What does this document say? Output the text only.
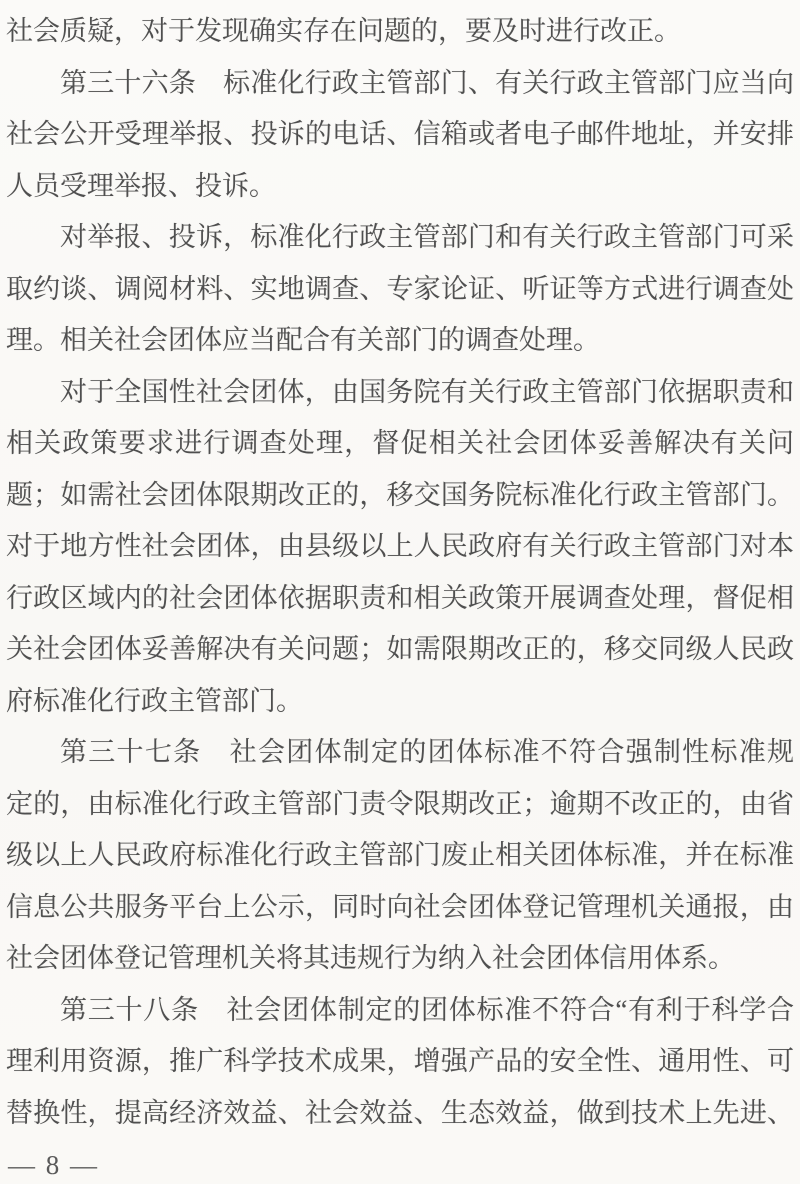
社会质疑，对于发现确实存在问题的，要及时进行改正。
第三十六条　标准化行政主管部门、有关行政主管部门应当向
社会公开受理举报、投诉的电话、信箱或者电子邮件地址，并安排
人员受理举报、投诉。
对举报、投诉，标准化行政主管部门和有关行政主管部门可采
取约谈、调阅材料、实地调查、专家论证、听证等方式进行调查处
理。相关社会团体应当配合有关部门的调查处理。
对于全国性社会团体，由国务院有关行政主管部门依据职责和
相关政策要求进行调查处理，督促相关社会团体妥善解决有关问
题；如需社会团体限期改正的，移交国务院标准化行政主管部门。
对于地方性社会团体，由县级以上人民政府有关行政主管部门对本
行政区域内的社会团体依据职责和相关政策开展调查处理，督促相
关社会团体妥善解决有关问题；如需限期改正的，移交同级人民政
府标准化行政主管部门。
第三十七条　社会团体制定的团体标准不符合强制性标准规
定的，由标准化行政主管部门责令限期改正；逾期不改正的，由省
级以上人民政府标准化行政主管部门废止相关团体标准，并在标准
信息公共服务平台上公示，同时向社会团体登记管理机关通报，由
社会团体登记管理机关将其违规行为纳入社会团体信用体系。
第三十八条　社会团体制定的团体标准不符合“有利于科学合
理利用资源，推广科学技术成果，增强产品的安全性、通用性、可
替换性，提高经济效益、社会效益、生态效益，做到技术上先进、
— 8 —
